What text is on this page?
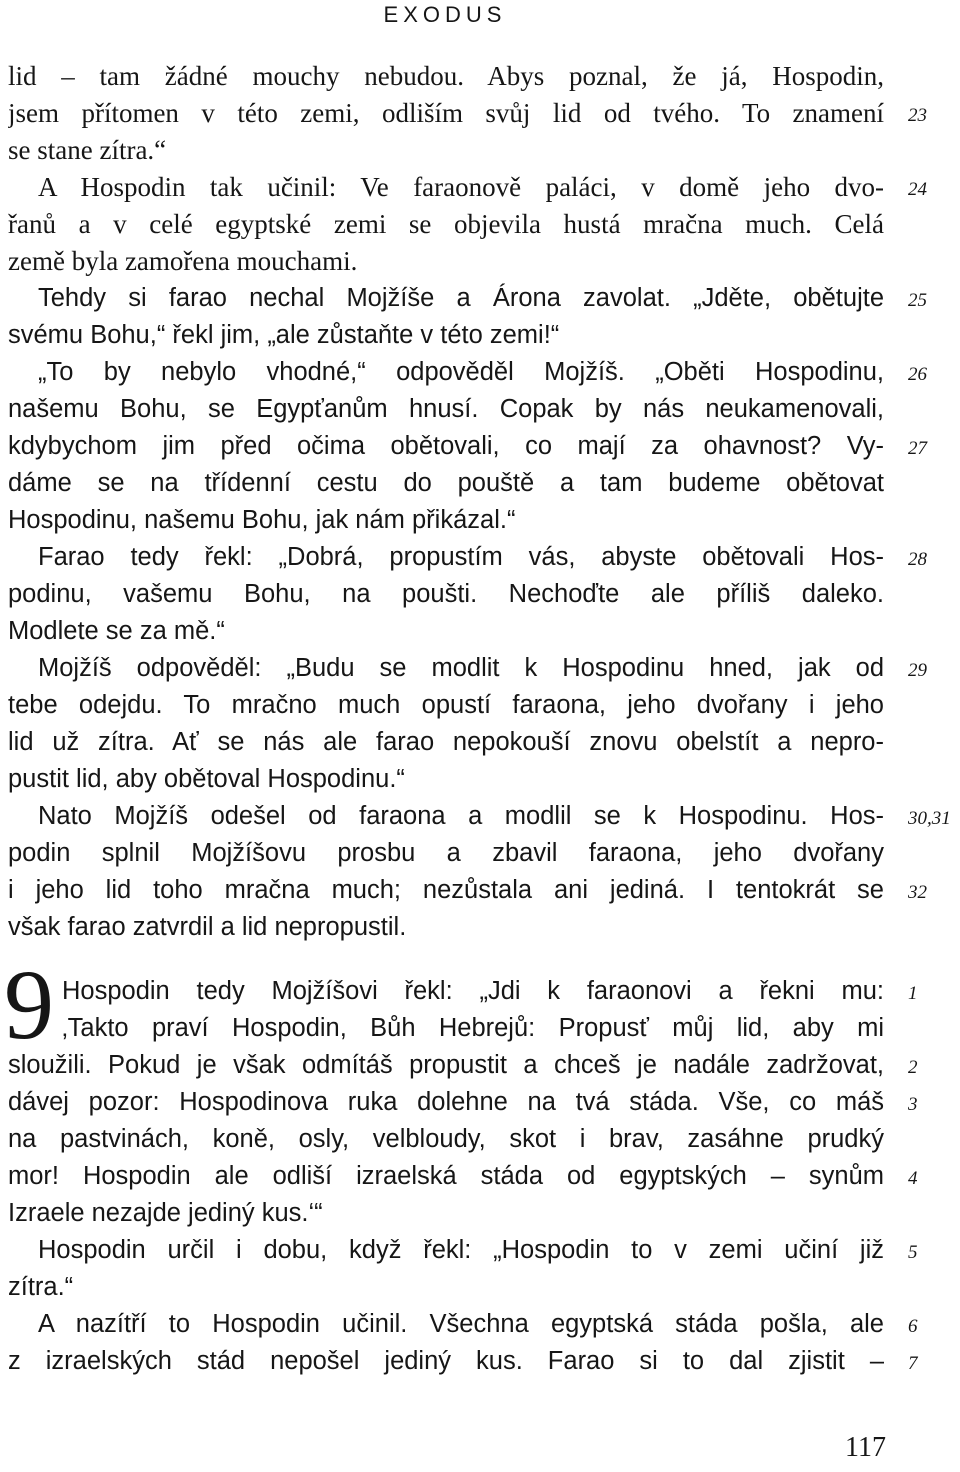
EXODUS
lid – tam žádné mouchy nebudou. Abys poznal, že já, Hospodin,
jsem přítomen v této zemi, odliším svůj lid od tvého. To znamení
se stane zítra.“
A Hospodin tak učinil: Ve faraonově paláci, v domě jeho dvo-
řanů a v celé egyptské zemi se objevila hustá mračna much. Celá
země byla zamořena mouchami.
Tehdy si farao nechal Mojžíše a Árona zavolat. „Jděte, obětujte
svému Bohu,“ řekl jim, „ale zůstaňte v této zemi!“
„To by nebylo vhodné,“ odpověděl Mojžíš. „Oběti Hospodinu,
našemu Bohu, se Egypťanům hnusí. Copak by nás neukamenovali,
kdybychom jim před očima obětovali, co mají za ohavnost? Vy-
dáme se na třídenní cestu do pouště a tam budeme obětovat
Hospodinu, našemu Bohu, jak nám přikázal.“
Farao tedy řekl: „Dobrá, propustím vás, abyste obětovali Hos-
podinu, vašemu Bohu, na poušti. Nechoďte ale příliš daleko.
Modlete se za mě.“
Mojžíš odpověděl: „Budu se modlit k Hospodinu hned, jak od
tebe odejdu. To mračno much opustí faraona, jeho dvořany i jeho
lid už zítra. Ať se nás ale farao nepokouší znovu obelstít a nepro-
pustit lid, aby obětoval Hospodinu.“
Nato Mojžíš odešel od faraona a modlil se k Hospodinu. Hos-
podin splnil Mojžíšovu prosbu a zbavil faraona, jeho dvořany
i jeho lid toho mračna much; nezůstala ani jediná. I tentokrát se
však farao zatvrdil a lid nepropustil.
9 Hospodin tedy Mojžíšovi řekl: „Jdi k faraonovi a řekni mu:
‚Takto praví Hospodin, Bůh Hebrejů: Propusť můj lid, aby mi
sloužili. Pokud je však odmítáš propustit a chceš je nadále zadržovat,
dávej pozor: Hospodinova ruka dolehne na tvá stáda. Vše, co máš
na pastvinách, koně, osly, velbloudy, skot i brav, zasáhne prudký
mor! Hospodin ale odliší izraelská stáda od egyptských – synům
Izraele nezajde jediný kus.‘“
Hospodin určil i dobu, když řekl: „Hospodin to v zemi učiní již
zítra.“
A nazítří to Hospodin učinil. Všechna egyptská stáda pošla, ale
z izraelských stád nepošel jediný kus. Farao si to dal zjistit –
23
24
25
26
27
28
29
30,31
32
1
2
3
4
5
6
7
117
